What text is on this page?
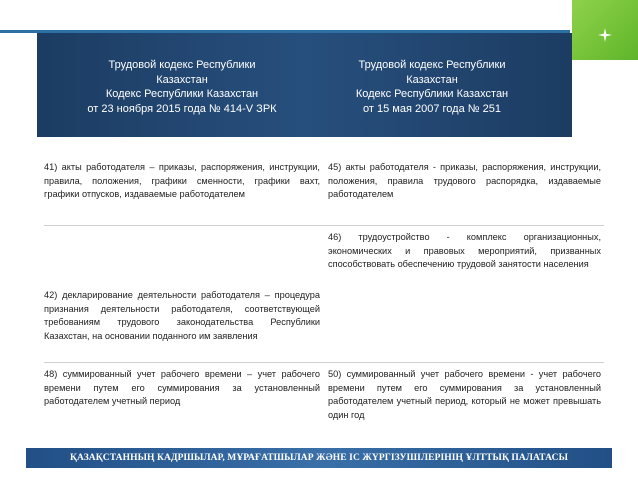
Трудовой кодекс Республики
Казахстан
Кодекс Республики Казахстан
от 23 ноября 2015 года № 414-V ЗРК
Трудовой кодекс Республики
Казахстан
Кодекс Республики Казахстан
от 15 мая 2007 года № 251
41) акты работодателя – приказы, распоряжения, инструкции, правила, положения, графики сменности, графики вахт, графики отпусков, издаваемые работодателем
45) акты работодателя - приказы, распоряжения, инструкции, положения, правила трудового распорядка, издаваемые работодателем
46) трудоустройство - комплекс организационных, экономических и правовых мероприятий, призванных способствовать обеспечению трудовой занятости населения
42) декларирование деятельности работодателя – процедура признания деятельности работодателя, соответствующей требованиям трудового законодательства Республики Казахстан, на основании поданного им заявления
48) суммированный учет рабочего времени – учет рабочего времени путем его суммирования за установленный работодателем учетный период
50) суммированный учет рабочего времени - учет рабочего времени путем его суммирования за установленный работодателем учетный период, который не может превышать один год
ҚАЗАҚСТАННЫҢ КАДРШЫЛАР, МҰРАҒАТШЫЛАР ЖӘНЕ ІС ЖҮРГІЗУШІЛЕРІНІҢ ҰЛТТЫҚ ПАЛАТАСЫ
